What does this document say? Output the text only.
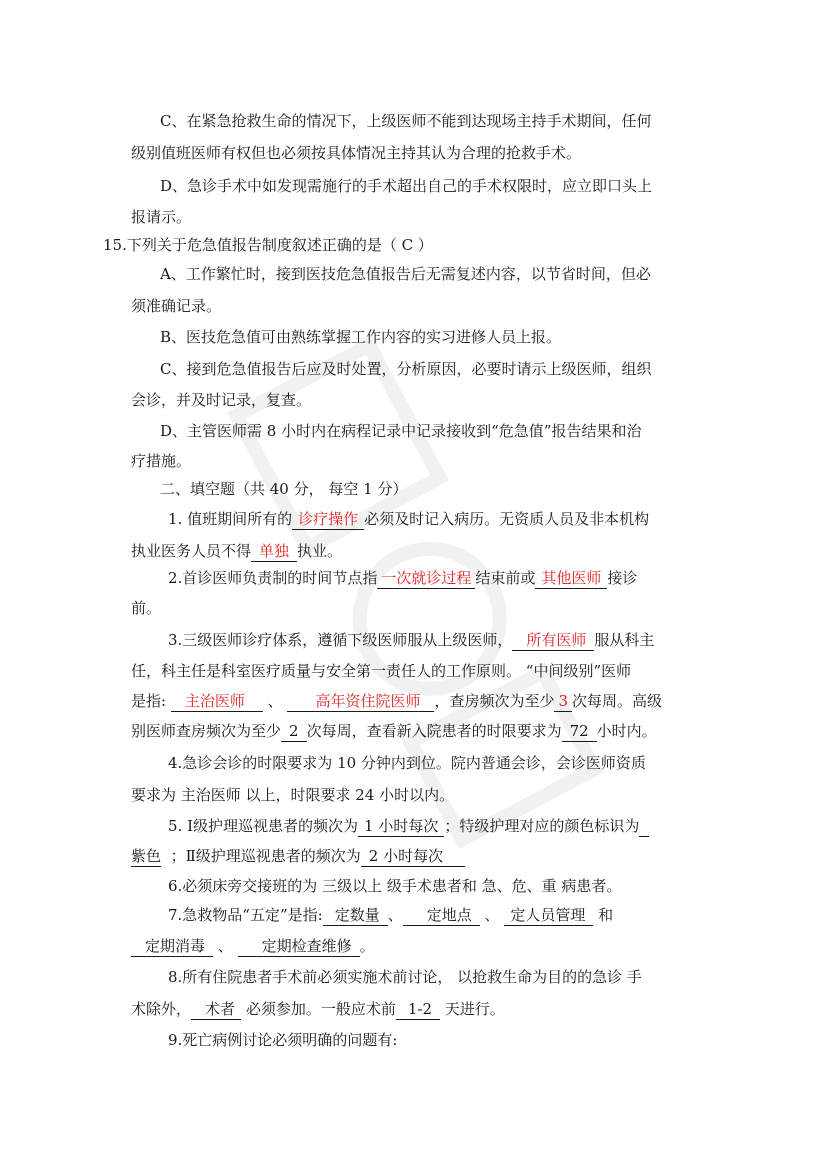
C、在紧急抢救生命的情况下，上级医师不能到达现场主持手术期间，任何
级别值班医师有权但也必须按具体情况主持其认为合理的抢救手术。
D、急诊手术中如发现需施行的手术超出自己的手术权限时，应立即口头上
报请示。
15.下列关于危急值报告制度叙述正确的是（ C ）
A、工作繁忙时，接到医技危急值报告后无需复述内容，以节省时间，但必
须准确记录。
B、医技危急值可由熟练掌握工作内容的实习进修人员上报。
C、接到危急值报告后应及时处置，分析原因，必要时请示上级医师，组织
会诊，并及时记录，复查。
D、主管医师需 8 小时内在病程记录中记录接收到“危急值”报告结果和治
疗措施。
二、填空题（共 40 分， 每空 1 分）
1. 值班期间所有的 诊疗操作 必须及时记入病历。无资质人员及非本机构
执业医务人员不得 单独 执业。
2.首诊医师负责制的时间节点指 一次就诊过程 结束前或 其他医师 接诊
前。
3.三级医师诊疗体系，遵循下级医师服从上级医师， 所有医师 服从科主
任，科主任是科室医疗质量与安全第一责任人的工作原则。 “中间级别”医师
是指: 主治医师 、 高年资住院医师 ，查房频次为至少 3 次每周。高级
别医师查房频次为至少 2 次每周，查看新入院患者的时限要求为 72 小时内。
4.急诊会诊的时限要求为 10 分钟内到位。院内普通会诊，会诊医师资质
要求为 主治医师 以上，时限要求 24 小时以内。
5. Ⅰ级护理巡视患者的频次为 1 小时每次 ；特级护理对应的颜色标识为
紫色 ；Ⅱ级护理巡视患者的频次为 2 小时每次
6.必须床旁交接班的为 三级以上 级手术患者和 急、危、重 病患者。
7.急救物品“五定”是指: 定数量 、 定地点 、 定人员管理 和
定期消毒 、 定期检查维修 。
8.所有住院患者手术前必须实施术前讨论， 以抢救生命为目的的急诊 手
术除外， 术者 必须参加。一般应术前 1-2 天进行。
9.死亡病例讨论必须明确的问题有:
